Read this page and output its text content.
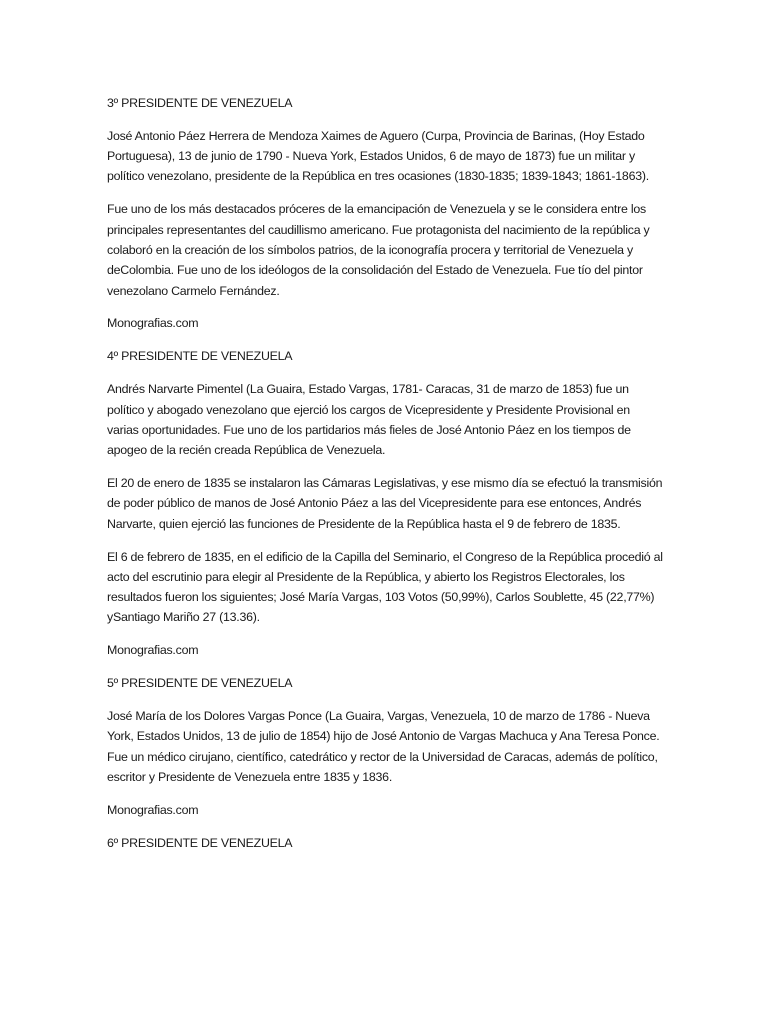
3º PRESIDENTE DE VENEZUELA

José Antonio Páez Herrera de Mendoza Xaimes de Aguero (Curpa, Provincia de Barinas, (Hoy Estado Portuguesa), 13 de junio de 1790 - Nueva York, Estados Unidos, 6 de mayo de 1873) fue un militar y político venezolano, presidente de la República en tres ocasiones (1830-1835; 1839-1843; 1861-1863).

Fue uno de los más destacados próceres de la emancipación de Venezuela y se le considera entre los principales representantes del caudillismo americano. Fue protagonista del nacimiento de la república y colaboró en la creación de los símbolos patrios, de la iconografía procera y territorial de Venezuela y deColombia. Fue uno de los ideólogos de la consolidación del Estado de Venezuela. Fue tío del pintor venezolano Carmelo Fernández.

Monografias.com

4º PRESIDENTE DE VENEZUELA

Andrés Narvarte Pimentel (La Guaira, Estado Vargas, 1781- Caracas, 31 de marzo de 1853) fue un político y abogado venezolano que ejerció los cargos de Vicepresidente y Presidente Provisional en varias oportunidades. Fue uno de los partidarios más fieles de José Antonio Páez en los tiempos de apogeo de la recién creada República de Venezuela.

El 20 de enero de 1835 se instalaron las Cámaras Legislativas, y ese mismo día se efectuó la transmisión de poder público de manos de José Antonio Páez a las del Vicepresidente para ese entonces, Andrés Narvarte, quien ejerció las funciones de Presidente de la República hasta el 9 de febrero de 1835.

El 6 de febrero de 1835, en el edificio de la Capilla del Seminario, el Congreso de la República procedió al acto del escrutinio para elegir al Presidente de la República, y abierto los Registros Electorales, los resultados fueron los siguientes; José María Vargas, 103 Votos (50,99%), Carlos Soublette, 45 (22,77%) ySantiago Mariño 27 (13.36).

Monografias.com

5º PRESIDENTE DE VENEZUELA

José María de los Dolores Vargas Ponce (La Guaira, Vargas, Venezuela, 10 de marzo de 1786 - Nueva York, Estados Unidos, 13 de julio de 1854) hijo de José Antonio de Vargas Machuca y Ana Teresa Ponce. Fue un médico cirujano, científico, catedrático y rector de la Universidad de Caracas, además de político, escritor y Presidente de Venezuela entre 1835 y 1836.

Monografias.com

6º PRESIDENTE DE VENEZUELA
